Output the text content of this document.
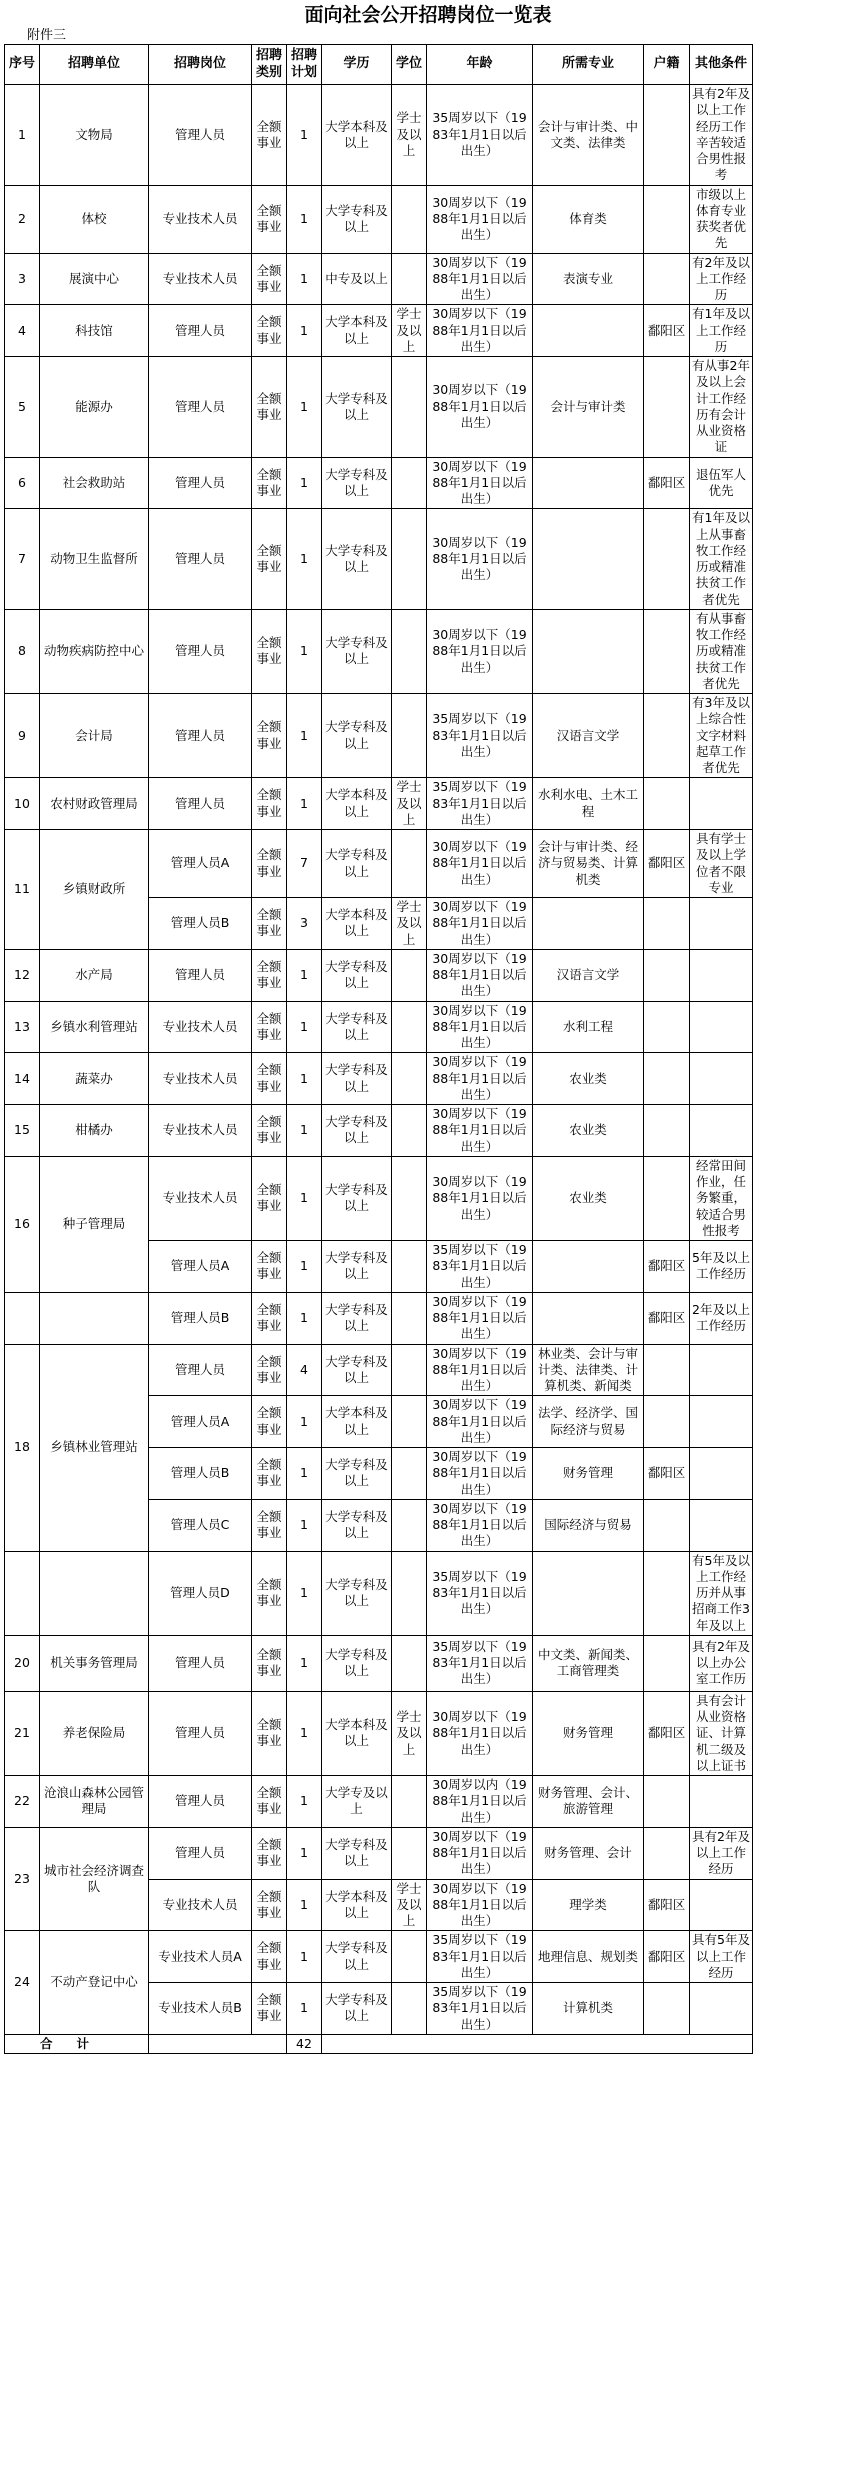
面向社会公开招聘岗位一览表
附件三
序号	招聘单位	招聘岗位	招聘类别	招聘计划	学历	学位	年龄	所需专业	户籍	其他条件
1	文物局	管理人员	全额事业	1	大学本科及以上	学士及以上	35周岁以下（1983年1月1日以后出生）	会计与审计类、中文类、法律类		具有2年及以上工作经历工作辛苦较适合男性报考
2	体校	专业技术人员	全额事业	1	大学专科及以上		30周岁以下（1988年1月1日以后出生）	体育类		市级以上体育专业获奖者优先
3	展演中心	专业技术人员	全额事业	1	中专及以上		30周岁以下（1988年1月1日以后出生）	表演专业		有2年及以上工作经历
4	科技馆	管理人员	全额事业	1	大学本科及以上	学士及以上	30周岁以下（1988年1月1日以后出生）		鄱阳区	有1年及以上工作经历
5	能源办	管理人员	全额事业	1	大学专科及以上		30周岁以下（1988年1月1日以后出生）	会计与审计类		有从事2年及以上会计工作经历有会计从业资格证
6	社会救助站	管理人员	全额事业	1	大学专科及以上		30周岁以下（1988年1月1日以后出生）		鄱阳区	退伍军人优先
7	动物卫生监督所	管理人员	全额事业	1	大学专科及以上		30周岁以下（1988年1月1日以后出生）			有1年及以上从事畜牧工作经历或精准扶贫工作者优先
8	动物疾病防控中心	管理人员	全额事业	1	大学专科及以上		30周岁以下（1988年1月1日以后出生）			有从事畜牧工作经历或精准扶贫工作者优先
9	会计局	管理人员	全额事业	1	大学专科及以上		35周岁以下（1983年1月1日以后出生）	汉语言文学		有3年及以上综合性文字材料起草工作者优先
10	农村财政管理局	管理人员	全额事业	1	大学本科及以上	学士及以上	35周岁以下（1983年1月1日以后出生）	水利水电、土木工程		
11	乡镇财政所	管理人员A	全额事业	7	大学专科及以上		30周岁以下（1988年1月1日以后出生）	会计与审计类、经济与贸易类、计算机类	鄱阳区	具有学士及以上学位者不限专业
		管理人员B	全额事业	3	大学本科及以上	学士及以上	30周岁以下（1988年1月1日以后出生）			
12	水产局	管理人员	全额事业	1	大学专科及以上		30周岁以下（1988年1月1日以后出生）	汉语言文学		
13	乡镇水利管理站	专业技术人员	全额事业	1	大学专科及以上		30周岁以下（1988年1月1日以后出生）	水利工程		
14	蔬菜办	专业技术人员	全额事业	1	大学专科及以上		30周岁以下（1988年1月1日以后出生）	农业类		
15	柑橘办	专业技术人员	全额事业	1	大学专科及以上		30周岁以下（1988年1月1日以后出生）	农业类		
16	种子管理局	专业技术人员	全额事业	1	大学专科及以上		30周岁以下（1988年1月1日以后出生）	农业类		经常田间作业，任务繁重，较适合男性报考
		管理人员A	全额事业	1	大学专科及以上		35周岁以下（1983年1月1日以后出生）		鄱阳区	5年及以上工作经历
		管理人员B	全额事业	1	大学专科及以上		30周岁以下（1988年1月1日以后出生）		鄱阳区	2年及以上工作经历
18	乡镇林业管理站	管理人员	全额事业	4	大学专科及以上		30周岁以下（1988年1月1日以后出生）	林业类、会计与审计类、法律类、计算机类、新闻类		
		管理人员A	全额事业	1	大学本科及以上		30周岁以下（1988年1月1日以后出生）	法学、经济学、国际经济与贸易		
		管理人员B	全额事业	1	大学专科及以上		30周岁以下（1988年1月1日以后出生）	财务管理	鄱阳区	
		管理人员C	全额事业	1	大学专科及以上		30周岁以下（1988年1月1日以后出生）	国际经济与贸易		
		管理人员D	全额事业	1	大学专科及以上		35周岁以下（1983年1月1日以后出生）			有5年及以上工作经历并从事招商工作3年及以上
20	机关事务管理局	管理人员	全额事业	1	大学专科及以上		35周岁以下（1983年1月1日以后出生）	中文类、新闻类、工商管理类		具有2年及以上办公室工作历
21	养老保险局	管理人员	全额事业	1	大学本科及以上	学士及以上	30周岁以下（1988年1月1日以后出生）	财务管理	鄱阳区	具有会计从业资格证、计算机二级及以上证书
22	沧浪山森林公园管理局	管理人员	全额事业	1	大学专及以上		30周岁以内（1988年1月1日以后出生）	财务管理、会计、旅游管理		
23	城市社会经济调查队	管理人员	全额事业	1	大学专科及以上		30周岁以下（1988年1月1日以后出生）	财务管理、会计		具有2年及以上工作经历
		专业技术人员	全额事业	1	大学本科及以上	学士及以上	30周岁以下（1988年1月1日以后出生）	理学类	鄱阳区	
24	不动产登记中心	专业技术人员A	全额事业	1	大学专科及以上		35周岁以下（1983年1月1日以后出生）	地理信息、规划类	鄱阳区	具有5年及以上工作经历
		专业技术人员B	全额事业	1	大学专科及以上		35周岁以下（1983年1月1日以后出生）	计算机类		
合计				42						
